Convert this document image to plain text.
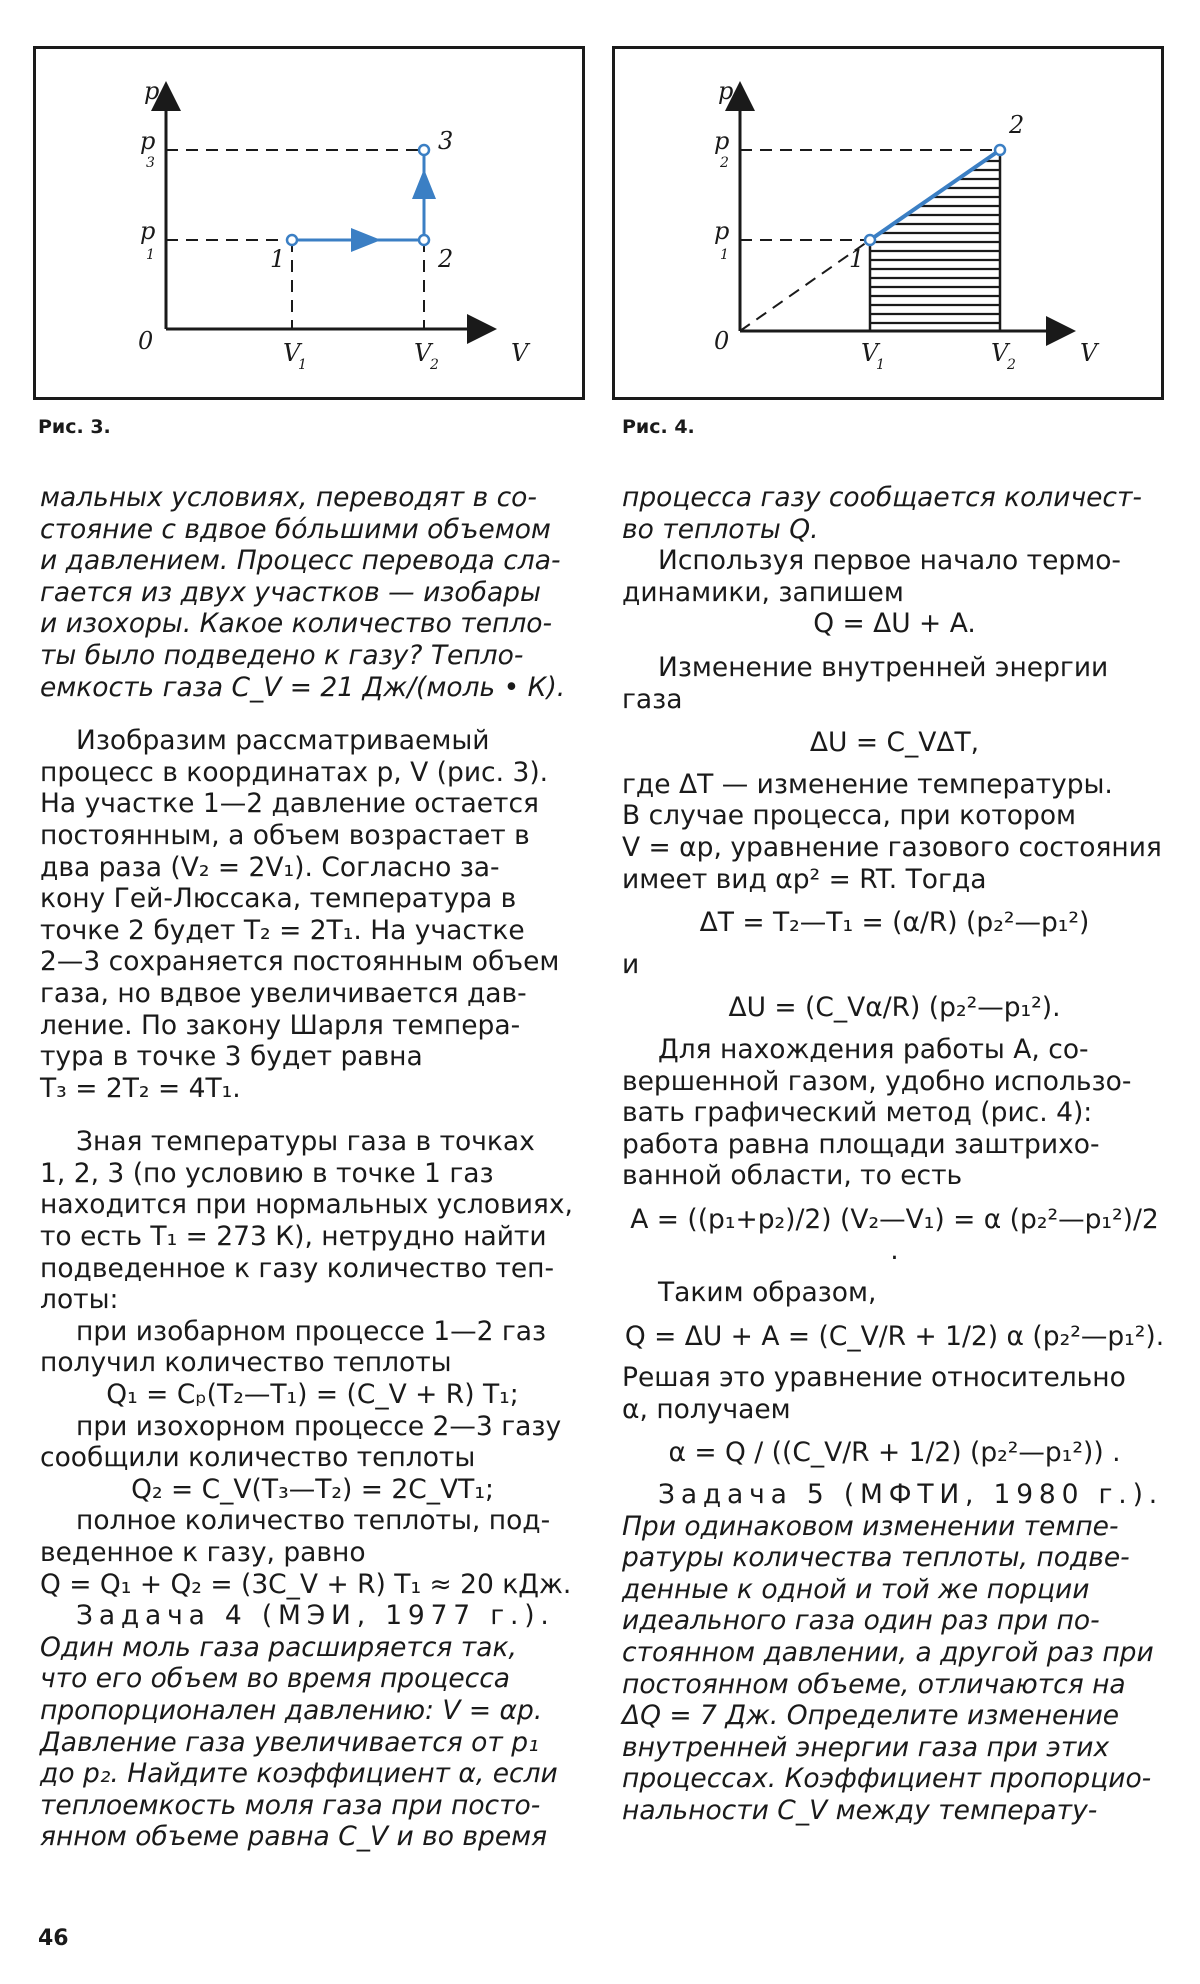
p
p
3
p
1
0	V
1	V
2	V
1	2
3
Рис. 3.
p
p
2
p
1
0	V
1	V
2	V
1
2
Рис. 4.

мальных условиях, переводят в со-

стояние с вдвое бóльшими объемом

и давлением. Процесс перевода сла-

гается из двух участков — изобары

и изохоры. Какое количество тепло-

ты было подведено к газу? Тепло-

емкость газа C_V = 21 Дж/(моль • К).

Изобразим рассматриваемый

процесс в координатах p, V (рис. 3).

На участке 1—2 давление остается

постоянным, а объем возрастает в

два раза (V₂ = 2V₁). Согласно за-

кону Гей-Люссака, температура в

точке 2 будет T₂ = 2T₁. На участке

2—3 сохраняется постоянным объем

газа, но вдвое увеличивается дав-

ление. По закону Шарля темпера-

тура в точке 3 будет равна

T₃ = 2T₂ = 4T₁.

Зная температуры газа в точках

1, 2, 3 (по условию в точке 1 газ

находится при нормальных условиях,

то есть T₁ = 273 К), нетрудно найти

подведенное к газу количество теп-

лоты:

при изобарном процессе 1—2 газ

получил количество теплоты

Q₁ = Cₚ(T₂—T₁) = (C_V + R) T₁;

при изохорном процессе 2—3 газу

сообщили количество теплоты

Q₂ = C_V(T₃—T₂) = 2C_VT₁;

полное количество теплоты, под-

веденное к газу, равно

Q = Q₁ + Q₂ = (3C_V + R) T₁ ≈ 20 кДж.

Задача 4 (МЭИ, 1977 г.).

Один моль газа расширяется так,

что его объем во время процесса

пропорционален давлению: V = αp.

Давление газа увеличивается от p₁

до p₂. Найдите коэффициент α, если

теплоемкость моля газа при посто-

янном объеме равна C_V и во время

процесса газу сообщается количест-

во теплоты Q.

Используя первое начало термо-

динамики, запишем

Q = ΔU + A.

Изменение внутренней энергии

газа

ΔU = C_VΔT,

где ΔT — изменение температуры.

В случае процесса, при котором

V = αp, уравнение газового состояния

имеет вид αp² = RT. Тогда

ΔT = T₂—T₁ = (α/R) (p₂²—p₁²)

и

ΔU = (C_Vα/R) (p₂²—p₁²).

Для нахождения работы A, со-

вершенной газом, удобно использо-

вать графический метод (рис. 4):

работа равна площади заштрихо-

ванной области, то есть

A = ((p₁+p₂)/2) (V₂—V₁) = α (p₂²—p₁²)/2 .

Таким образом,

Q = ΔU + A = (C_V/R + 1/2) α (p₂²—p₁²).

Решая это уравнение относительно

α, получаем

α = Q / ((C_V/R + 1/2) (p₂²—p₁²)) .

Задача 5 (МФТИ, 1980 г.).

При одинаковом изменении темпе-

ратуры количества теплоты, подве-

денные к одной и той же порции

идеального газа один раз при по-

стоянном давлении, а другой раз при

постоянном объеме, отличаются на

ΔQ = 7 Дж. Определите изменение

внутренней энергии газа при этих

процессах. Коэффициент пропорцио-

нальности C_V между температу-

46
